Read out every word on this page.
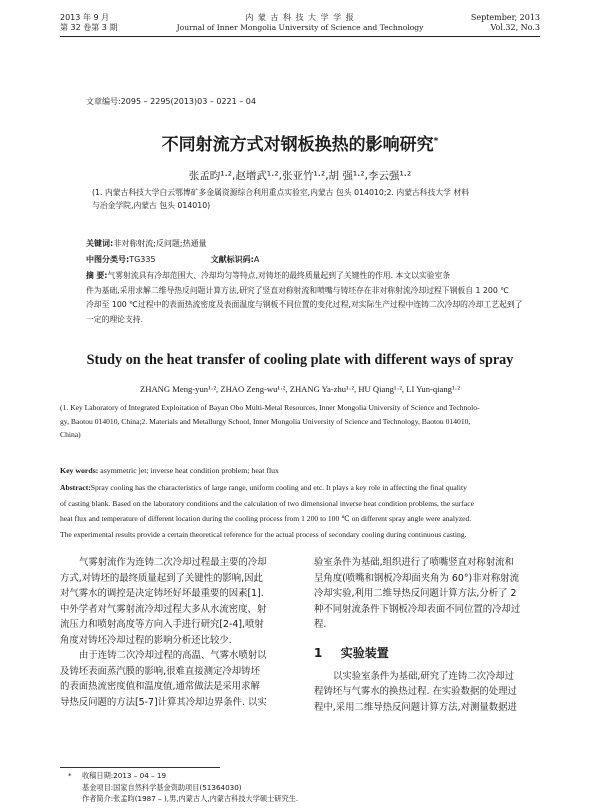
2013 年 9 月
第 32 卷第 3 期
内 蒙 古 科 技 大 学 学 报
Journal of Inner Mongolia University of Science and Technology
September, 2013
Vol.32, No.3
文章编号:2095 – 2295(2013)03 – 0221 – 04
不同射流方式对钢板换热的影响研究*
张孟昀¹·²,赵增武¹·²,张亚竹¹·²,胡 强¹·²,李云强¹·²
(1. 内蒙古科技大学白云鄂博矿多金属资源综合利用重点实验室,内蒙古 包头 014010;2. 内蒙古科技大学 材料
与冶金学院,内蒙古 包头 014010)
关键词:非对称射流;反问题;热通量
中图分类号:TG335	文献标识码:A
摘 要:气雾射流具有冷却范围大、冷却均匀等特点,对铸坯的最终质量起到了关键性的作用. 本文以实验室条
件为基础,采用求解二维导热反问题计算方法,研究了竖直对称射流和喷嘴与铸坯存在非对称射流冷却过程下钢板自 1 200 ℃
冷却至 100 ℃过程中的表面热流密度及表面温度与钢板不同位置的变化过程,对实际生产过程中连铸二次冷却的冷却工艺起到了
一定的理论支持.
Study on the heat transfer of cooling plate with different ways of spray
ZHANG Meng-yun¹·², ZHAO Zeng-wu¹·², ZHANG Ya-zhu¹·², HU Qiang¹·², LI Yun-qiang¹·²
(1. Key Laboratory of Integrated Exploitation of Bayan Obo Multi-Metal Resources, Inner Mongolia University of Science and Technolo-
gy, Baotou 014010, China;2. Materials and Metallurgy School, Inner Mongolia University of Science and Technology, Baotou 014010,
China)
Key words: asymmetric jet; inverse heat condition problem; heat flux
Abstract:Spray cooling has the characteristics of large range, uniform cooling and etc. It plays a key role in affecting the final quality
of casting blank. Based on the laboratory conditions and the calculation of two dimensional inverse heat condition problems, the surface
heat flux and temperature of different location during the cooling process from 1 200 to 100 ℃ on different spray angle were analyzed.
The experimental results provide a certain theoretical reference for the actual process of secondary cooling during continuous casting.
气雾射流作为连铸二次冷却过程最主要的冷却
方式,对铸坯的最终质量起到了关键性的影响,因此
对气雾水的调控是决定铸坯好坏最重要的因素[1].
中外学者对气雾射流冷却过程大多从水流密度、射
流压力和喷射高度等方向入手进行研究[2-4],喷射
角度对铸坯冷却过程的影响分析还比较少.
由于连铸二次冷却过程的高温、气雾水喷射以
及铸坯表面蒸汽膜的影响,很难直接测定冷却铸坯
的表面热流密度值和温度值,通常做法是采用求解
导热反问题的方法[5-7]计算其冷却边界条件. 以实
验室条件为基础,组织进行了喷嘴竖直对称射流和
呈角度(喷嘴和钢板冷却面夹角为 60°)非对称射流
冷却实验,利用二维导热反问题计算方法,分析了 2
种不同射流条件下钢板冷却表面不同位置的冷却过
程.
1 实验装置
以实验室条件为基础,研究了连铸二次冷却过
程铸坯与气雾水的换热过程. 在实验数据的处理过
程中,采用二维导热反问题计算方法,对测量数据进
* 收稿日期:2013 – 04 – 19
基金项目:国家自然科学基金资助项目(51364030)
作者简介:张孟昀(1987 – ),男,内蒙古人,内蒙古科技大学硕士研究生.
